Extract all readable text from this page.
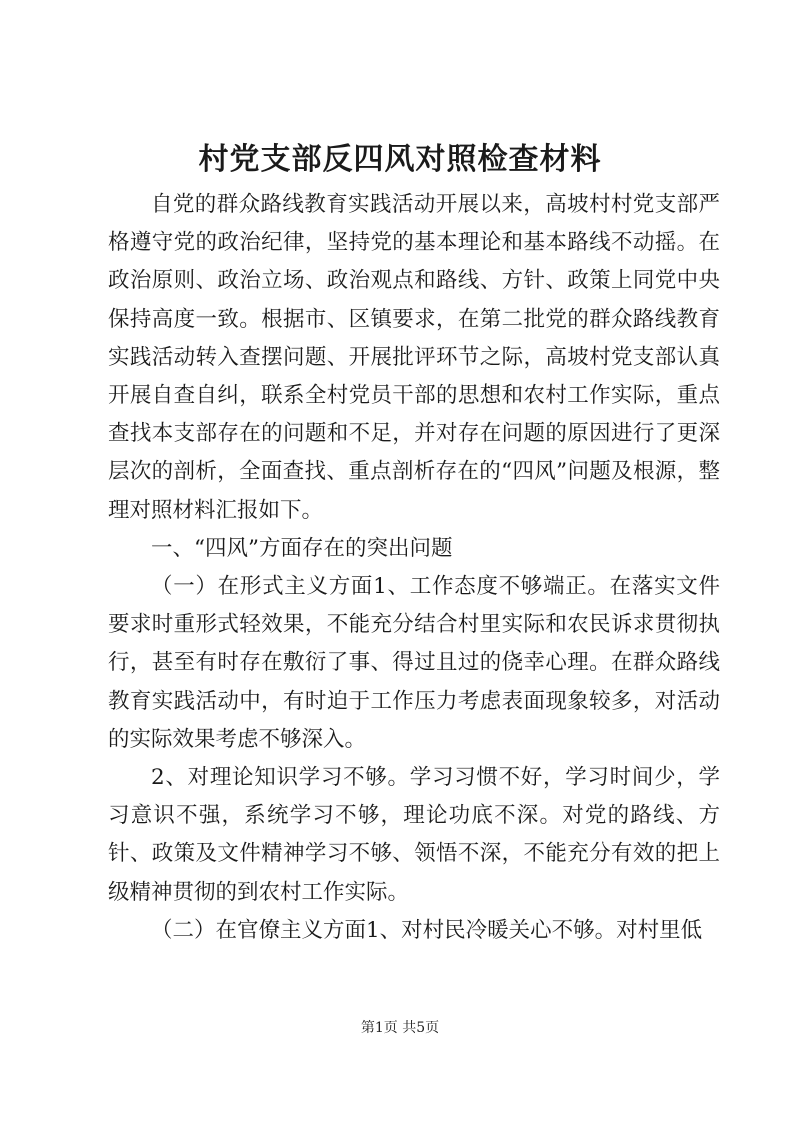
村党支部反四风对照检查材料

自党的群众路线教育实践活动开展以来，高坡村村党支部严格遵守党的政治纪律，坚持党的基本理论和基本路线不动摇。在政治原则、政治立场、政治观点和路线、方针、政策上同党中央保持高度一致。根据市、区镇要求，在第二批党的群众路线教育实践活动转入查摆问题、开展批评环节之际，高坡村党支部认真开展自查自纠，联系全村党员干部的思想和农村工作实际，重点查找本支部存在的问题和不足，并对存在问题的原因进行了更深层次的剖析，全面查找、重点剖析存在的“四风”问题及根源，整理对照材料汇报如下。

一、“四风”方面存在的突出问题

（一）在形式主义方面1、工作态度不够端正。在落实文件要求时重形式轻效果，不能充分结合村里实际和农民诉求贯彻执行，甚至有时存在敷衍了事、得过且过的侥幸心理。在群众路线教育实践活动中，有时迫于工作压力考虑表面现象较多，对活动的实际效果考虑不够深入。

2、对理论知识学习不够。学习习惯不好，学习时间少，学习意识不强，系统学习不够，理论功底不深。对党的路线、方针、政策及文件精神学习不够、领悟不深，不能充分有效的把上级精神贯彻的到农村工作实际。

（二）在官僚主义方面1、对村民冷暖关心不够。对村里低

第1页 共5页
